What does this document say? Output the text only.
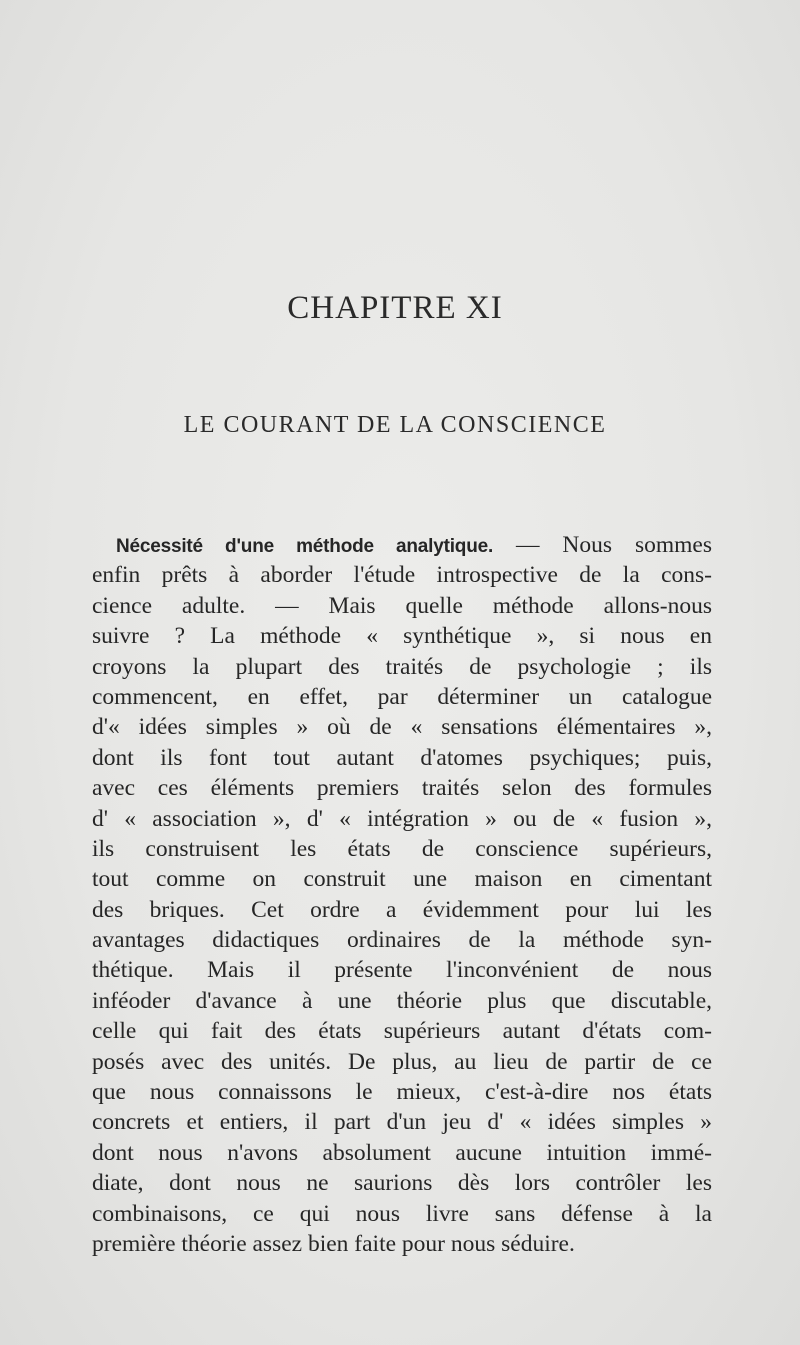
CHAPITRE XI
LE COURANT DE LA CONSCIENCE
Nécessité d'une méthode analytique. — Nous sommes
enfin prêts à aborder l'étude introspective de la cons-
cience adulte. — Mais quelle méthode allons-nous
suivre ? La méthode « synthétique », si nous en
croyons la plupart des traités de psychologie ; ils
commencent, en effet, par déterminer un catalogue
d'« idées simples » où de « sensations élémentaires »,
dont ils font tout autant d'atomes psychiques; puis,
avec ces éléments premiers traités selon des formules
d' « association », d' « intégration » ou de « fusion »,
ils construisent les états de conscience supérieurs,
tout comme on construit une maison en cimentant
des briques. Cet ordre a évidemment pour lui les
avantages didactiques ordinaires de la méthode syn-
thétique. Mais il présente l'inconvénient de nous
inféoder d'avance à une théorie plus que discutable,
celle qui fait des états supérieurs autant d'états com-
posés avec des unités. De plus, au lieu de partir de ce
que nous connaissons le mieux, c'est-à-dire nos états
concrets et entiers, il part d'un jeu d' « idées simples »
dont nous n'avons absolument aucune intuition immé-
diate, dont nous ne saurions dès lors contrôler les
combinaisons, ce qui nous livre sans défense à la
première théorie assez bien faite pour nous séduire.
